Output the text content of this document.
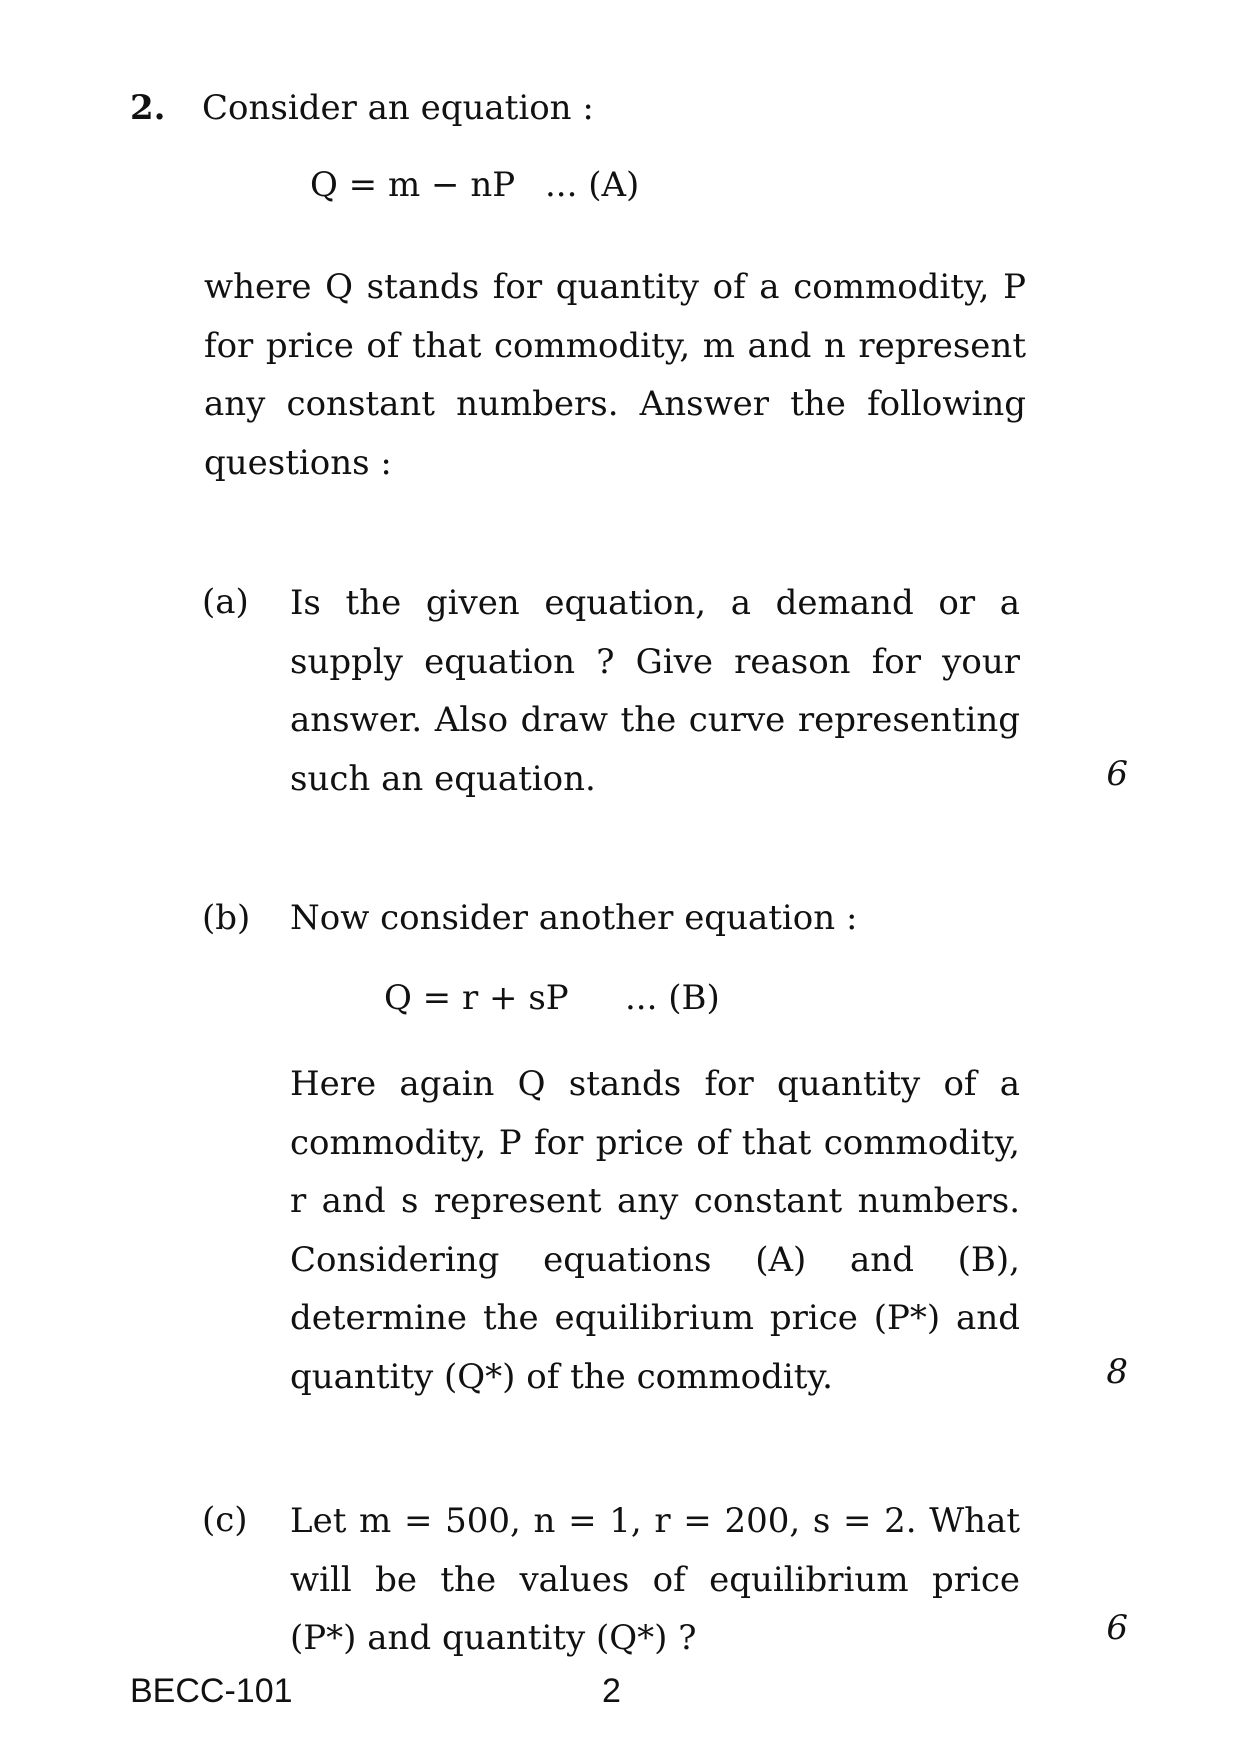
2. Consider an equation :
Q = m − nP ... (A)
where Q stands for quantity of a commodity, P for price of that commodity, m and n represent any constant numbers. Answer the following questions :
(a) Is the given equation, a demand or a supply equation ? Give reason for your answer. Also draw the curve representing such an equation.	6
(b) Now consider another equation :
Q = r + sP ... (B)
Here again Q stands for quantity of a commodity, P for price of that commodity, r and s represent any constant numbers. Considering equations (A) and (B), determine the equilibrium price (P*) and quantity (Q*) of the commodity.	8
(c) Let m = 500, n = 1, r = 200, s = 2. What will be the values of equilibrium price (P*) and quantity (Q*) ?	6
BECC-101	2
